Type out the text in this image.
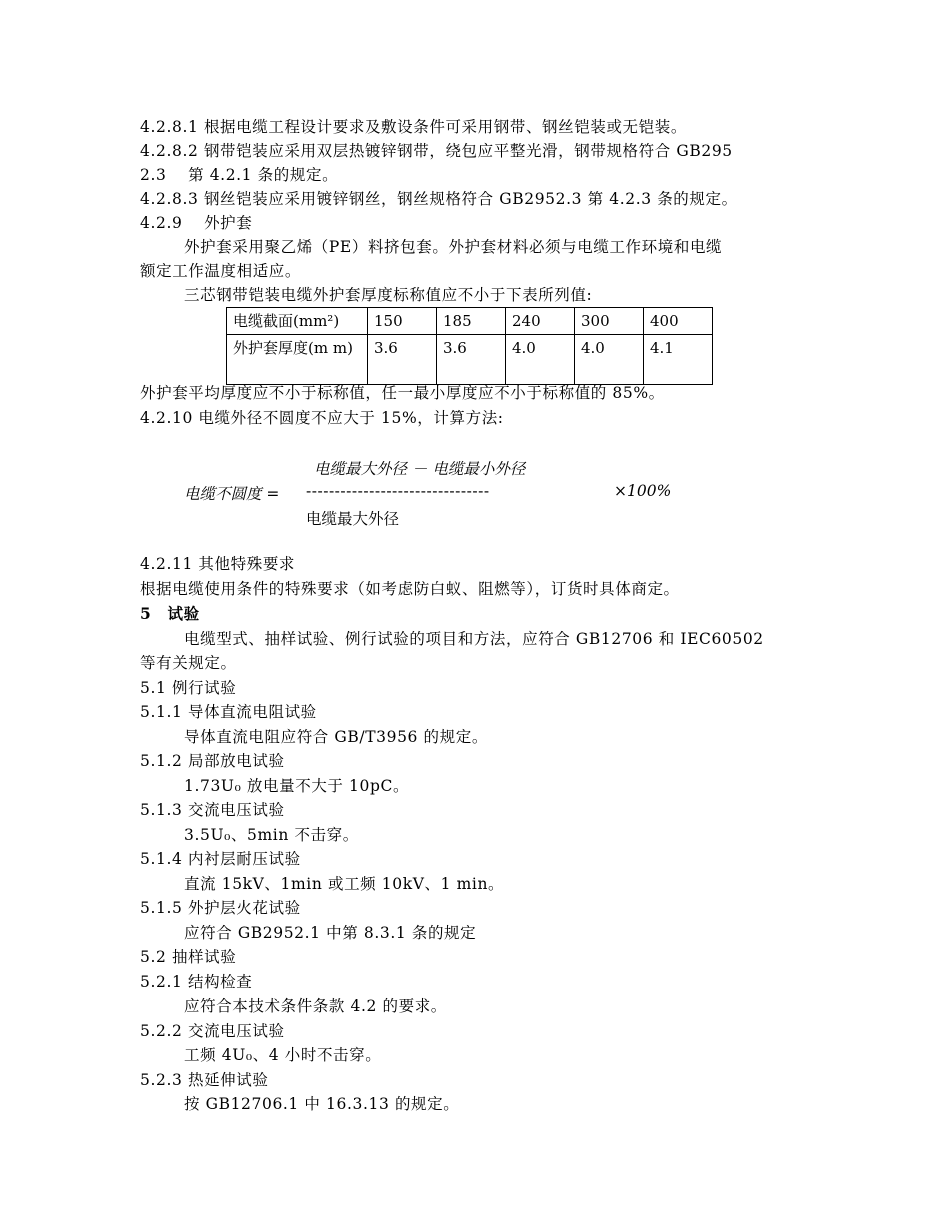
4.2.8.1 根据电缆工程设计要求及敷设条件可采用钢带、钢丝铠装或无铠装。
4.2.8.2 钢带铠装应采用双层热镀锌钢带，绕包应平整光滑，钢带规格符合 GB295
2.3　 第 4.2.1 条的规定。
4.2.8.3 钢丝铠装应采用镀锌钢丝，钢丝规格符合 GB2952.3 第 4.2.3 条的规定。
4.2.9　 外护套
外护套采用聚乙烯（PE）料挤包套。外护套材料必须与电缆工作环境和电缆
额定工作温度相适应。
三芯钢带铠装电缆外护套厚度标称值应不小于下表所列值:
电缆截面(mm²)	150	185	240	300	400
外护套厚度(m m)	3.6	3.6	4.0	4.0	4.1
外护套平均厚度应不小于标称值，任一最小厚度应不小于标称值的 85%。
4.2.10 电缆外径不圆度不应大于 15%，计算方法:
电缆不圆度 =
电缆最大外径 － 电缆最小外径
--------------------------------	×100%
电缆最大外径
4.2.11 其他特殊要求
根据电缆使用条件的特殊要求（如考虑防白蚁、阻燃等），订货时具体商定。
5　试验
电缆型式、抽样试验、例行试验的项目和方法，应符合 GB12706 和 IEC60502
等有关规定。
5.1 例行试验
5.1.1 导体直流电阻试验
导体直流电阻应符合 GB/T3956 的规定。
5.1.2 局部放电试验
1.73U₀ 放电量不大于 10pC。
5.1.3 交流电压试验
3.5U₀、5min 不击穿。
5.1.4 内衬层耐压试验
直流 15kV、1min 或工频 10kV、1 min。
5.1.5 外护层火花试验
应符合 GB2952.1 中第 8.3.1 条的规定
5.2 抽样试验
5.2.1 结构检查
应符合本技术条件条款 4.2 的要求。
5.2.2 交流电压试验
工频 4U₀、4 小时不击穿。
5.2.3 热延伸试验
按 GB12706.1 中 16.3.13 的规定。
